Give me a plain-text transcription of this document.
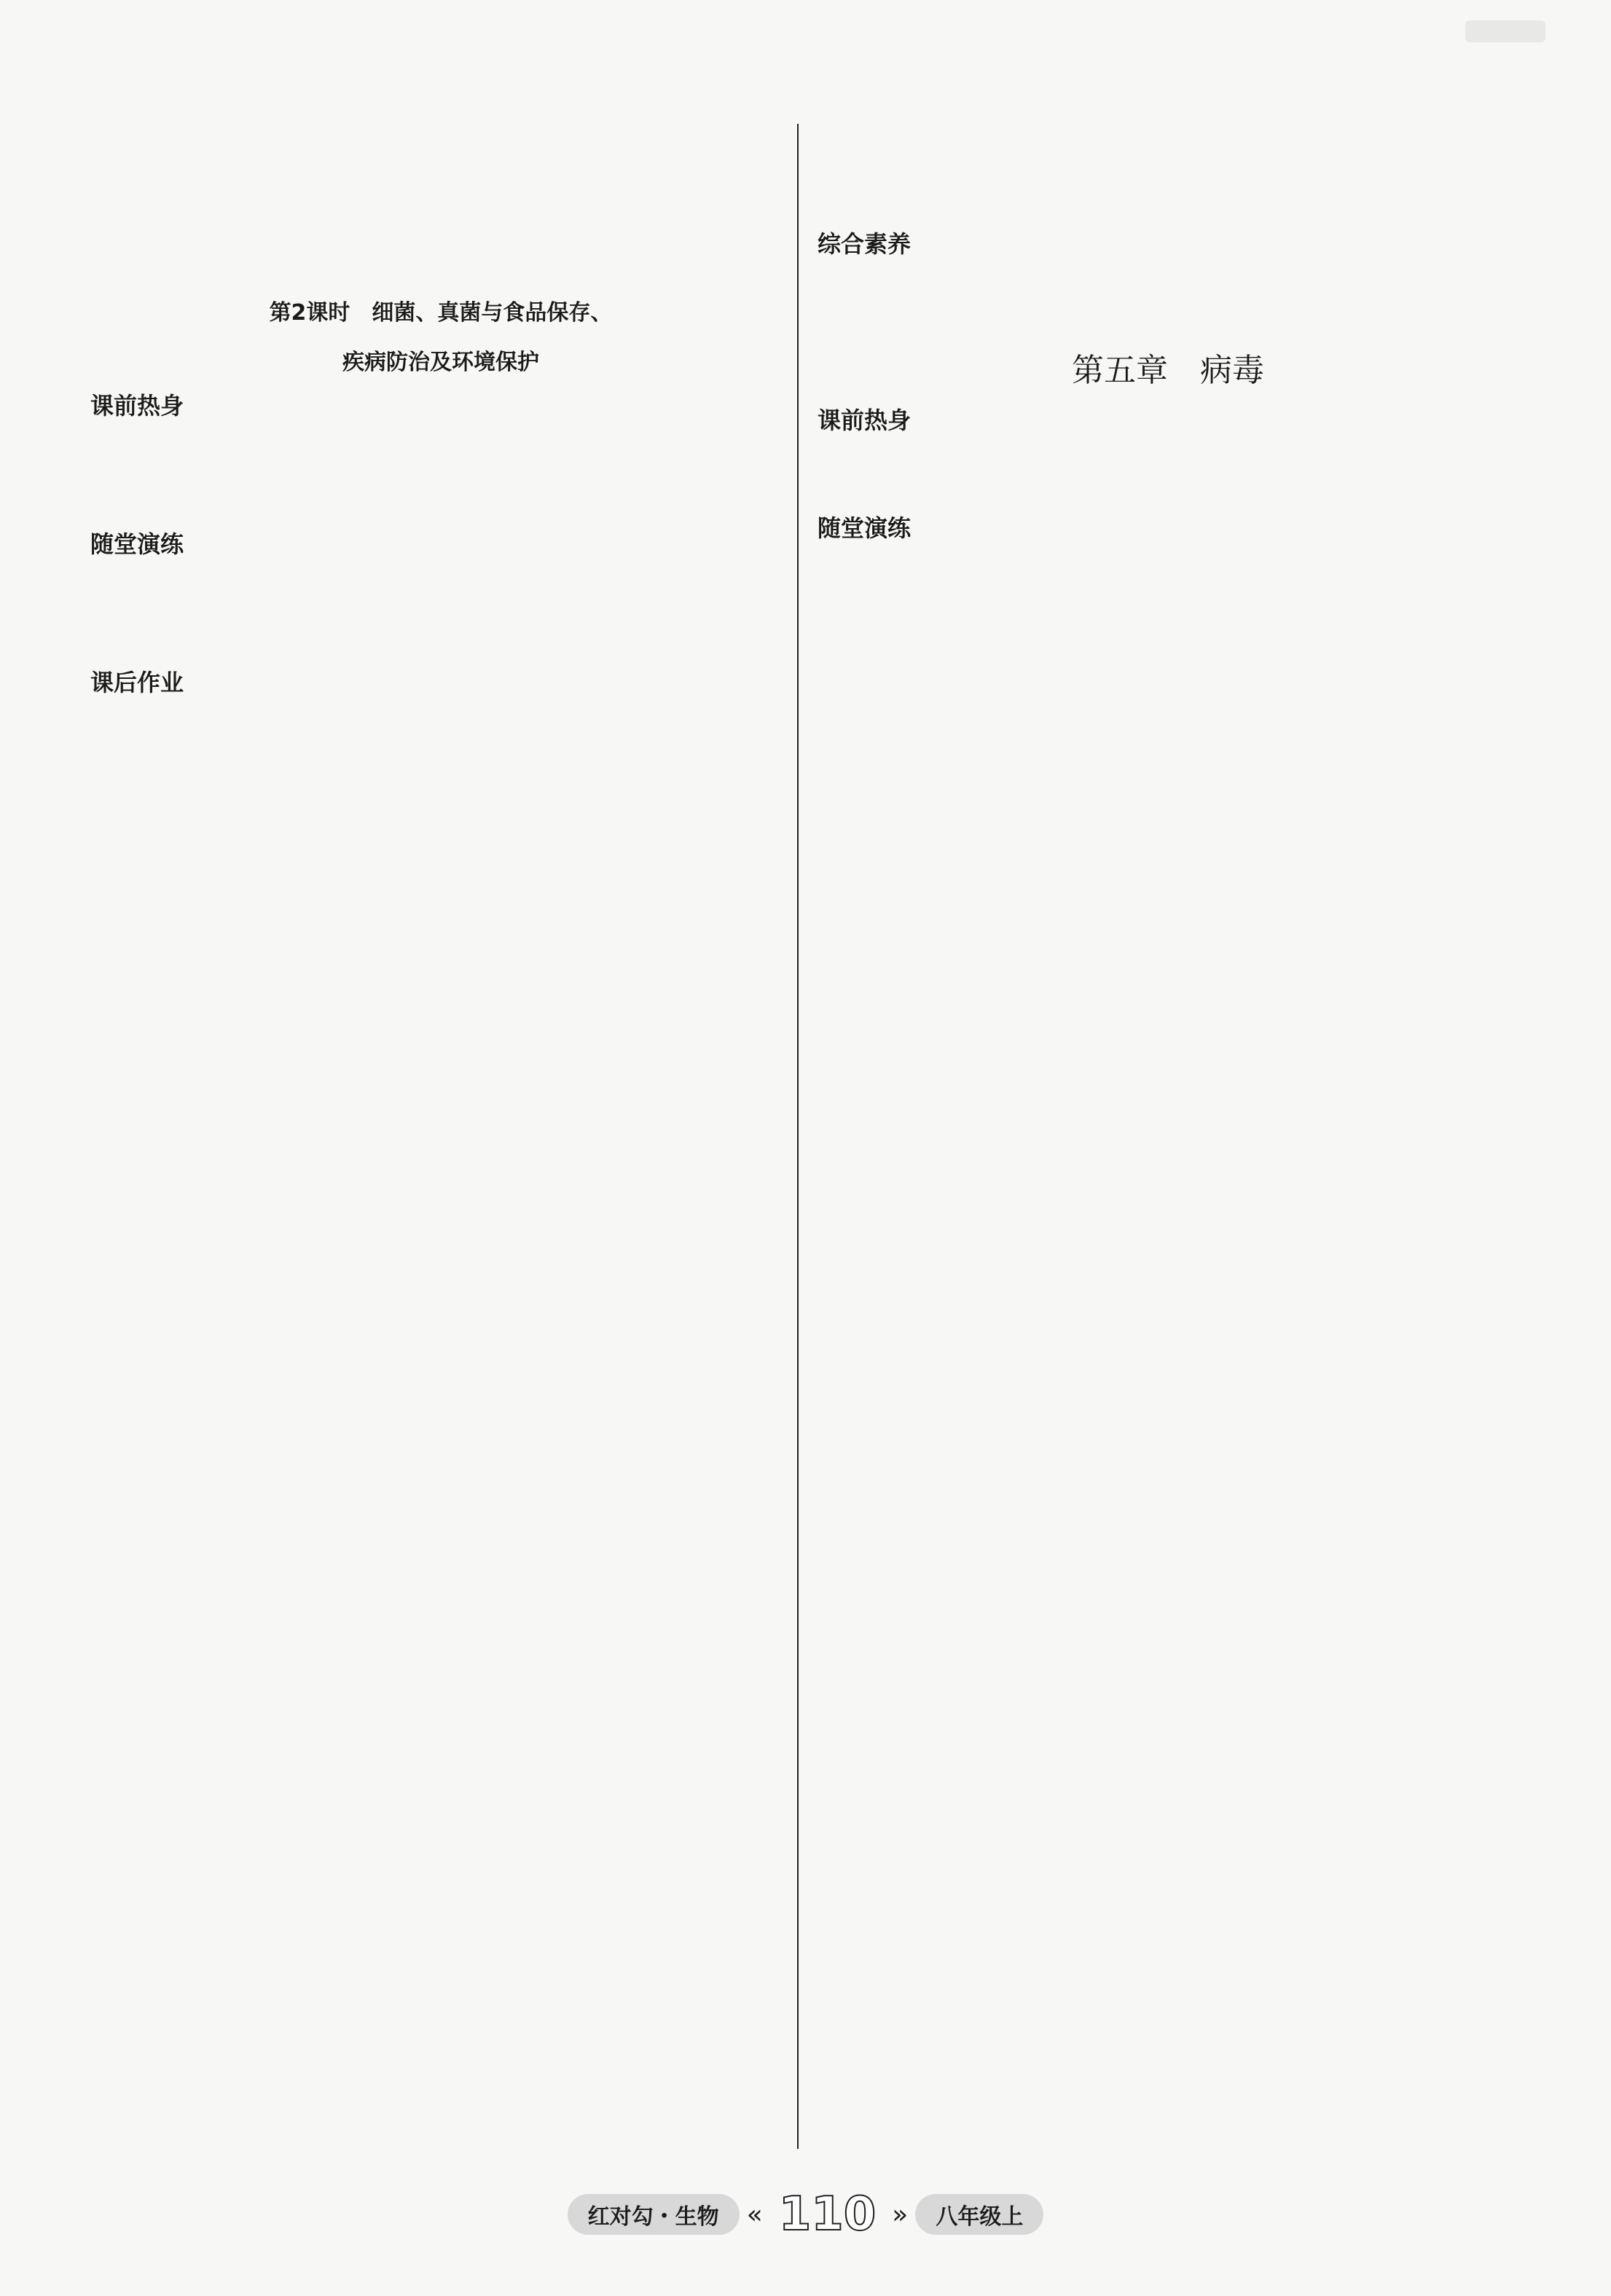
第2课时　细菌、真菌与食品保存、
疾病防治及环境保护
课前热身
随堂演练
课后作业
综合素养
第五章　病毒
课前热身
随堂演练
红对勾・生物	« 110 »	八年级上
